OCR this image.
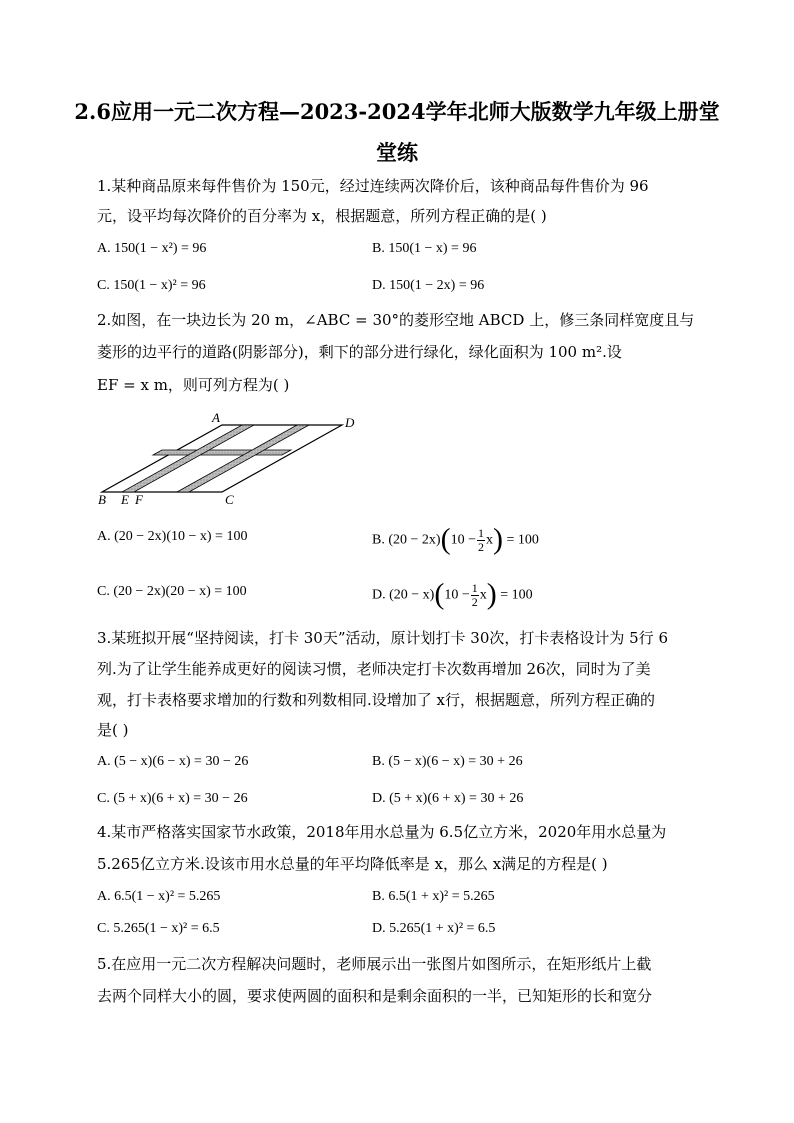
2.6应用一元二次方程—2023-2024学年北师大版数学九年级上册堂
堂练
1.某种商品原来每件售价为 150元，经过连续两次降价后，该种商品每件售价为 96
元，设平均每次降价的百分率为 x，根据题意，所列方程正确的是( )
A. 150(1 − x²) = 96	B. 150(1 − x) = 96
C. 150(1 − x)² = 96	D. 150(1 − 2x) = 96
2.如图，在一块边长为 20 m，∠ABC = 30°的菱形空地 ABCD 上，修三条同样宽度且与
菱形的边平行的道路(阴影部分)，剩下的部分进行绿化，绿化面积为 100 m².设
EF = x m，则可列方程为( )
A	D
B E F	C
A. (20 − 2x)(10 − x) = 100	B. $(20 - 2x)(10 - \frac{1}{2} x) = 100$
C. (20 − 2x)(20 − x) = 100	D. $(20 - x)(10 - \frac{1}{2} x) = 100$
3.某班拟开展“坚持阅读，打卡 30天”活动，原计划打卡 30次，打卡表格设计为 5行 6
列.为了让学生能养成更好的阅读习惯，老师决定打卡次数再增加 26次，同时为了美
观，打卡表格要求增加的行数和列数相同.设增加了 x行，根据题意，所列方程正确的
是( )
A. (5 − x)(6 − x) = 30 − 26	B. (5 − x)(6 − x) = 30 + 26
C. (5 + x)(6 + x) = 30 − 26	D. (5 + x)(6 + x) = 30 + 26
4.某市严格落实国家节水政策，2018年用水总量为 6.5亿立方米，2020年用水总量为
5.265亿立方米.设该市用水总量的年平均降低率是 x，那么 x满足的方程是( )
A. 6.5(1 − x)² = 5.265	B. 6.5(1 + x)² = 5.265
C. 5.265(1 − x)² = 6.5	D. 5.265(1 + x)² = 6.5
5.在应用一元二次方程解决问题时，老师展示出一张图片如图所示，在矩形纸片上截
去两个同样大小的圆，要求使两圆的面积和是剩余面积的一半，已知矩形的长和宽分
